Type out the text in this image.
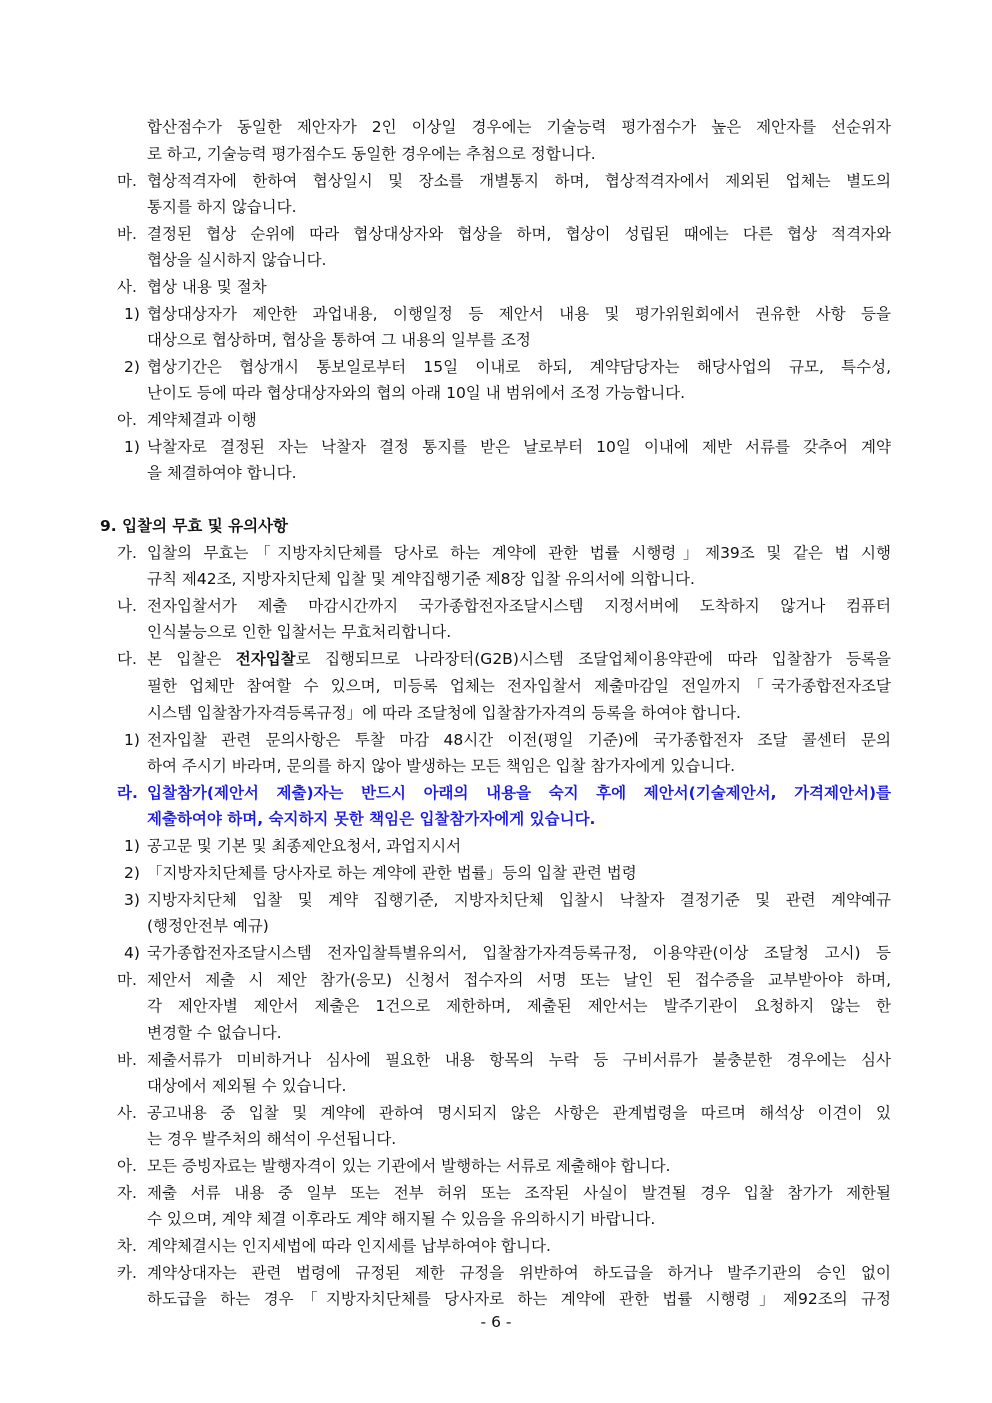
합산점수가 동일한 제안자가 2인 이상일 경우에는 기술능력 평가점수가 높은 제안자를 선순위자
로 하고, 기술능력 평가점수도 동일한 경우에는 추첨으로 정합니다.
마. 협상적격자에 한하여 협상일시 및 장소를 개별통지 하며, 협상적격자에서 제외된 업체는 별도의
통지를 하지 않습니다.
바. 결정된 협상 순위에 따라 협상대상자와 협상을 하며, 협상이 성립된 때에는 다른 협상 적격자와
협상을 실시하지 않습니다.
사. 협상 내용 및 절차
1) 협상대상자가 제안한 과업내용, 이행일정 등 제안서 내용 및 평가위원회에서 권유한 사항 등을
대상으로 협상하며, 협상을 통하여 그 내용의 일부를 조정
2) 협상기간은 협상개시 통보일로부터 15일 이내로 하되, 계약담당자는 해당사업의 규모, 특수성,
난이도 등에 따라 협상대상자와의 협의 아래 10일 내 범위에서 조정 가능합니다.
아. 계약체결과 이행
1) 낙찰자로 결정된 자는 낙찰자 결정 통지를 받은 날로부터 10일 이내에 제반 서류를 갖추어 계약
을 체결하여야 합니다.
9. 입찰의 무효 및 유의사항
가. 입찰의 무효는「지방자치단체를 당사로 하는 계약에 관한 법률 시행령」제39조 및 같은 법 시행
규칙 제42조, 지방자치단체 입찰 및 계약집행기준 제8장 입찰 유의서에 의합니다.
나. 전자입찰서가 제출 마감시간까지 국가종합전자조달시스템 지정서버에 도착하지 않거나 컴퓨터
인식불능으로 인한 입찰서는 무효처리합니다.
다. 본 입찰은 전자입찰로 집행되므로 나라장터(G2B)시스템 조달업체이용약관에 따라 입찰참가 등록을
필한 업체만 참여할 수 있으며, 미등록 업체는 전자입찰서 제출마감일 전일까지「국가종합전자조달
시스템 입찰참가자격등록규정」에 따라 조달청에 입찰참가자격의 등록을 하여야 합니다.
1) 전자입찰 관련 문의사항은 투찰 마감 48시간 이전(평일 기준)에 국가종합전자 조달 콜센터 문의
하여 주시기 바라며, 문의를 하지 않아 발생하는 모든 책임은 입찰 참가자에게 있습니다.
라. 입찰참가(제안서 제출)자는 반드시 아래의 내용을 숙지 후에 제안서(기술제안서, 가격제안서)를
제출하여야 하며, 숙지하지 못한 책임은 입찰참가자에게 있습니다.
1) 공고문 및 기본 및 최종제안요청서, 과업지시서
2) 「지방자치단체를 당사자로 하는 계약에 관한 법률」등의 입찰 관련 법령
3) 지방자치단체 입찰 및 계약 집행기준, 지방자치단체 입찰시 낙찰자 결정기준 및 관련 계약예규
(행정안전부 예규)
4) 국가종합전자조달시스템 전자입찰특별유의서, 입찰참가자격등록규정, 이용약관(이상 조달청 고시) 등
마. 제안서 제출 시 제안 참가(응모) 신청서 접수자의 서명 또는 날인 된 접수증을 교부받아야 하며,
각 제안자별 제안서 제출은 1건으로 제한하며, 제출된 제안서는 발주기관이 요청하지 않는 한
변경할 수 없습니다.
바. 제출서류가 미비하거나 심사에 필요한 내용 항목의 누락 등 구비서류가 불충분한 경우에는 심사
대상에서 제외될 수 있습니다.
사. 공고내용 중 입찰 및 계약에 관하여 명시되지 않은 사항은 관계법령을 따르며 해석상 이견이 있
는 경우 발주처의 해석이 우선됩니다.
아. 모든 증빙자료는 발행자격이 있는 기관에서 발행하는 서류로 제출해야 합니다.
자. 제출 서류 내용 중 일부 또는 전부 허위 또는 조작된 사실이 발견될 경우 입찰 참가가 제한될
수 있으며, 계약 체결 이후라도 계약 해지될 수 있음을 유의하시기 바랍니다.
차. 계약체결시는 인지세법에 따라 인지세를 납부하여야 합니다.
카. 계약상대자는 관련 법령에 규정된 제한 규정을 위반하여 하도급을 하거나 발주기관의 승인 없이
하도급을 하는 경우「지방자치단체를 당사자로 하는 계약에 관한 법률 시행령」제92조의 규정
- 6 -
